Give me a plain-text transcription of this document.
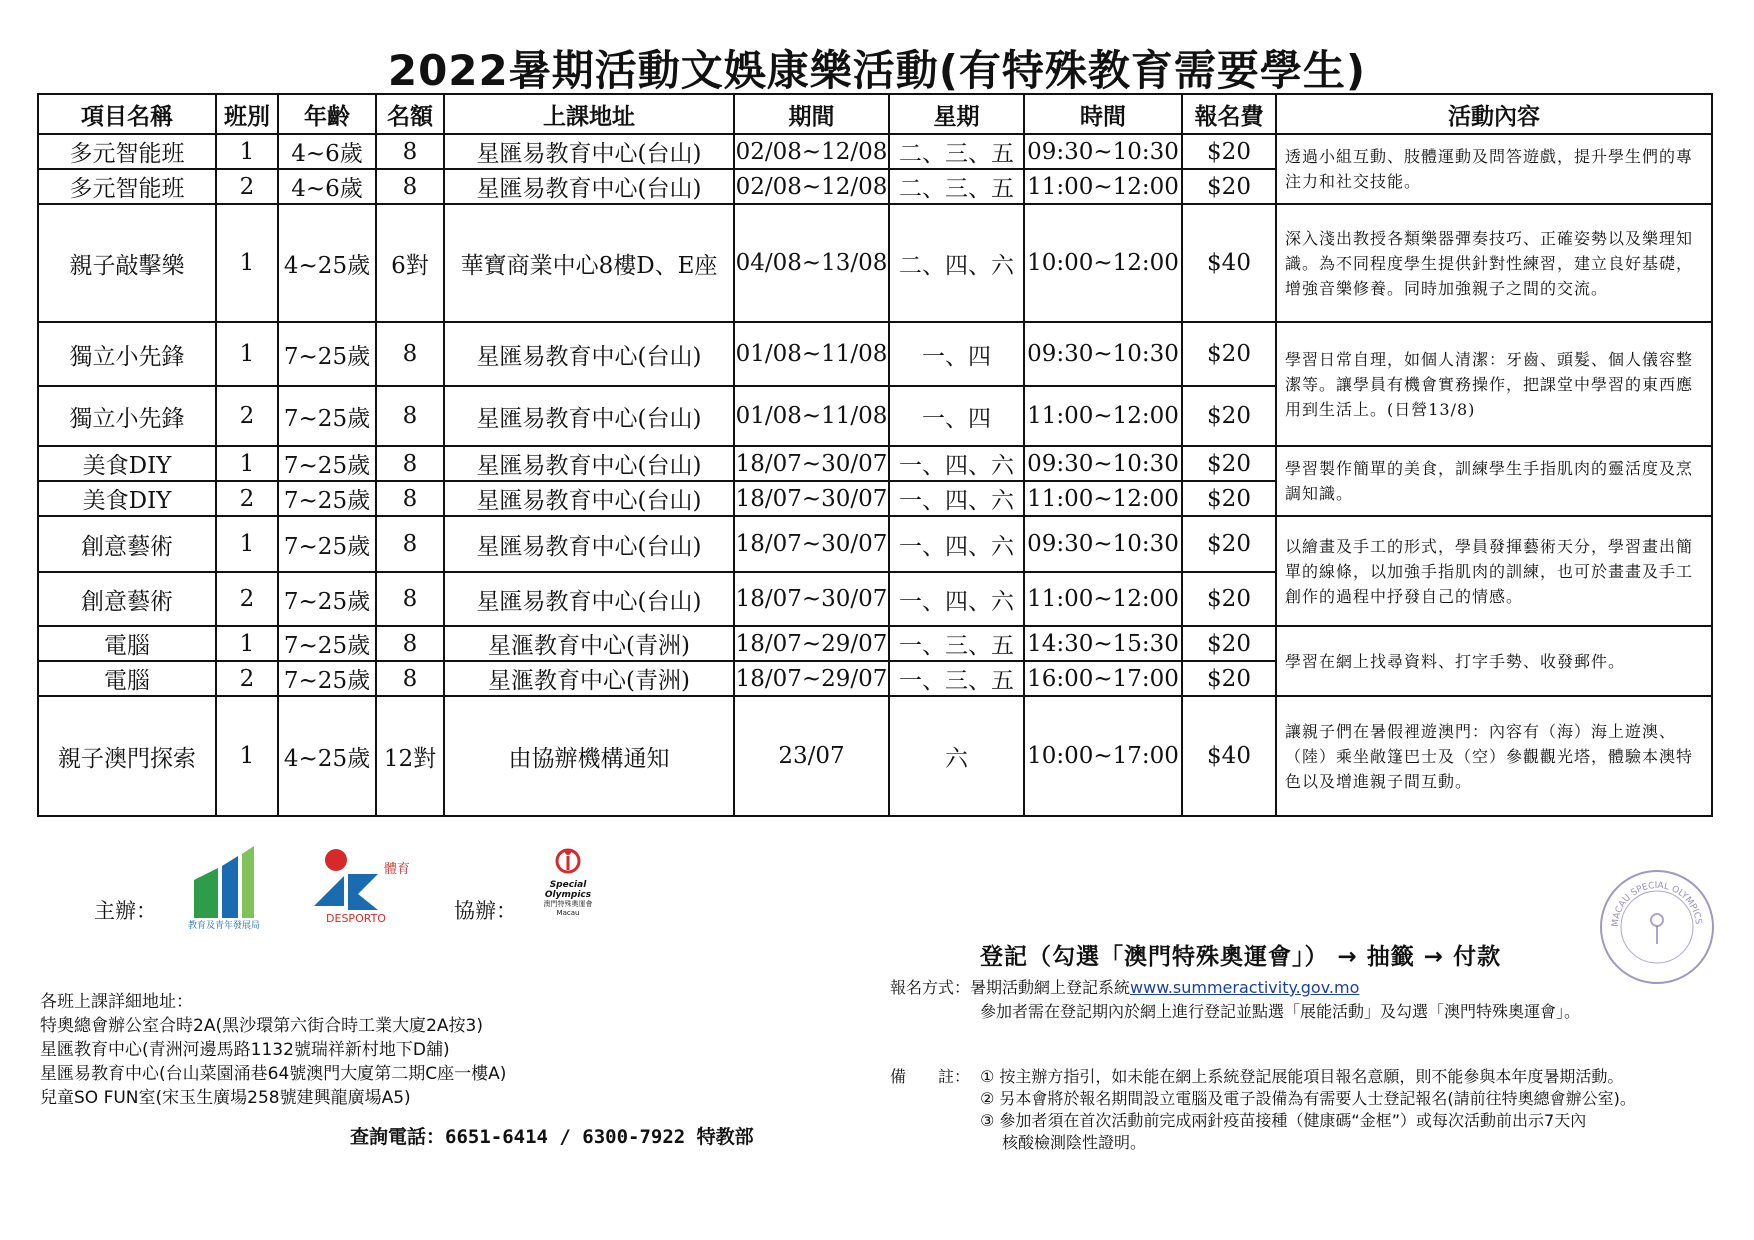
2022暑期活動文娛康樂活動(有特殊教育需要學生)
項目名稱	班別	年齡	名額	上課地址	期間	星期	時間	報名費	活動內容
多元智能班	1	4~6歲	8	星匯易教育中心(台山)	02/08~12/08	二、三、五	09:30~10:30	$20	透過小組互動、肢體運動及問答遊戲，提升學生們的專注力和社交技能。
多元智能班	2	4~6歲	8	星匯易教育中心(台山)	02/08~12/08	二、三、五	11:00~12:00	$20	
親子敲擊樂	1	4~25歲	6對	華寶商業中心8樓D、E座	04/08~13/08	二、四、六	10:00~12:00	$40	深入淺出教授各類樂器彈奏技巧、正確姿勢以及樂理知識。為不同程度學生提供針對性練習，建立良好基礎，增強音樂修養。同時加強親子之間的交流。
獨立小先鋒	1	7~25歲	8	星匯易教育中心(台山)	01/08~11/08	一、四	09:30~10:30	$20	學習日常自理，如個人清潔：牙齒、頭髮、個人儀容整潔等。讓學員有機會實務操作，把課堂中學習的東西應用到生活上。(日營13/8)
獨立小先鋒	2	7~25歲	8	星匯易教育中心(台山)	01/08~11/08	一、四	11:00~12:00	$20	
美食DIY	1	7~25歲	8	星匯易教育中心(台山)	18/07~30/07	一、四、六	09:30~10:30	$20	學習製作簡單的美食，訓練學生手指肌肉的靈活度及烹調知識。
美食DIY	2	7~25歲	8	星匯易教育中心(台山)	18/07~30/07	一、四、六	11:00~12:00	$20	
創意藝術	1	7~25歲	8	星匯易教育中心(台山)	18/07~30/07	一、四、六	09:30~10:30	$20	以繪畫及手工的形式，學員發揮藝術天分，學習畫出簡單的線條，以加強手指肌肉的訓練，也可於畫畫及手工創作的過程中抒發自己的情感。
創意藝術	2	7~25歲	8	星匯易教育中心(台山)	18/07~30/07	一、四、六	11:00~12:00	$20	
電腦	1	7~25歲	8	星滙教育中心(青洲)	18/07~29/07	一、三、五	14:30~15:30	$20	學習在網上找尋資料、打字手勢、收發郵件。
電腦	2	7~25歲	8	星滙教育中心(青洲)	18/07~29/07	一、三、五	16:00~17:00	$20	
親子澳門探索	1	4~25歲	12對	由協辦機構通知	23/07	六	10:00~17:00	$40	讓親子們在暑假裡遊澳門：內容有（海）海上遊澳、（陸）乘坐敞篷巴士及（空）參觀觀光塔，體驗本澳特色以及增進親子間互動。
主辦：
教育及青年發展局
體育
DESPORTO	協辦：
Special
Olympics
澳門特殊奧運會
Macau
各班上課詳細地址：
特奧總會辦公室合時2A(黑沙環第六街合時工業大廈2A按3)
星匯教育中心(青洲河邊馬路1132號瑞祥新村地下D舖)
星匯易教育中心(台山菜園涌巷64號澳門大廈第二期C座一樓A)
兒童SO FUN室(宋玉生廣場258號建興龍廣場A5)
查詢電話：6651-6414 / 6300-7922 特教部
登記（勾選「澳門特殊奧運會」） → 抽籤 → 付款
報名方式：暑期活動網上登記系統www.summeractivity.gov.mo
參加者需在登記期內於網上進行登記並點選「展能活動」及勾選「澳門特殊奧運會」。
備　　註： ① 按主辦方指引，如未能在網上系統登記展能項目報名意願，則不能參與本年度暑期活動。
② 另本會將於報名期間設立電腦及電子設備為有需要人士登記報名(請前往特奧總會辦公室)。
③ 參加者須在首次活動前完成兩針疫苗接種（健康碼“金框”）或每次活動前出示7天內
核酸檢測陰性證明。
MACAU SPECIAL OLYMPICS
